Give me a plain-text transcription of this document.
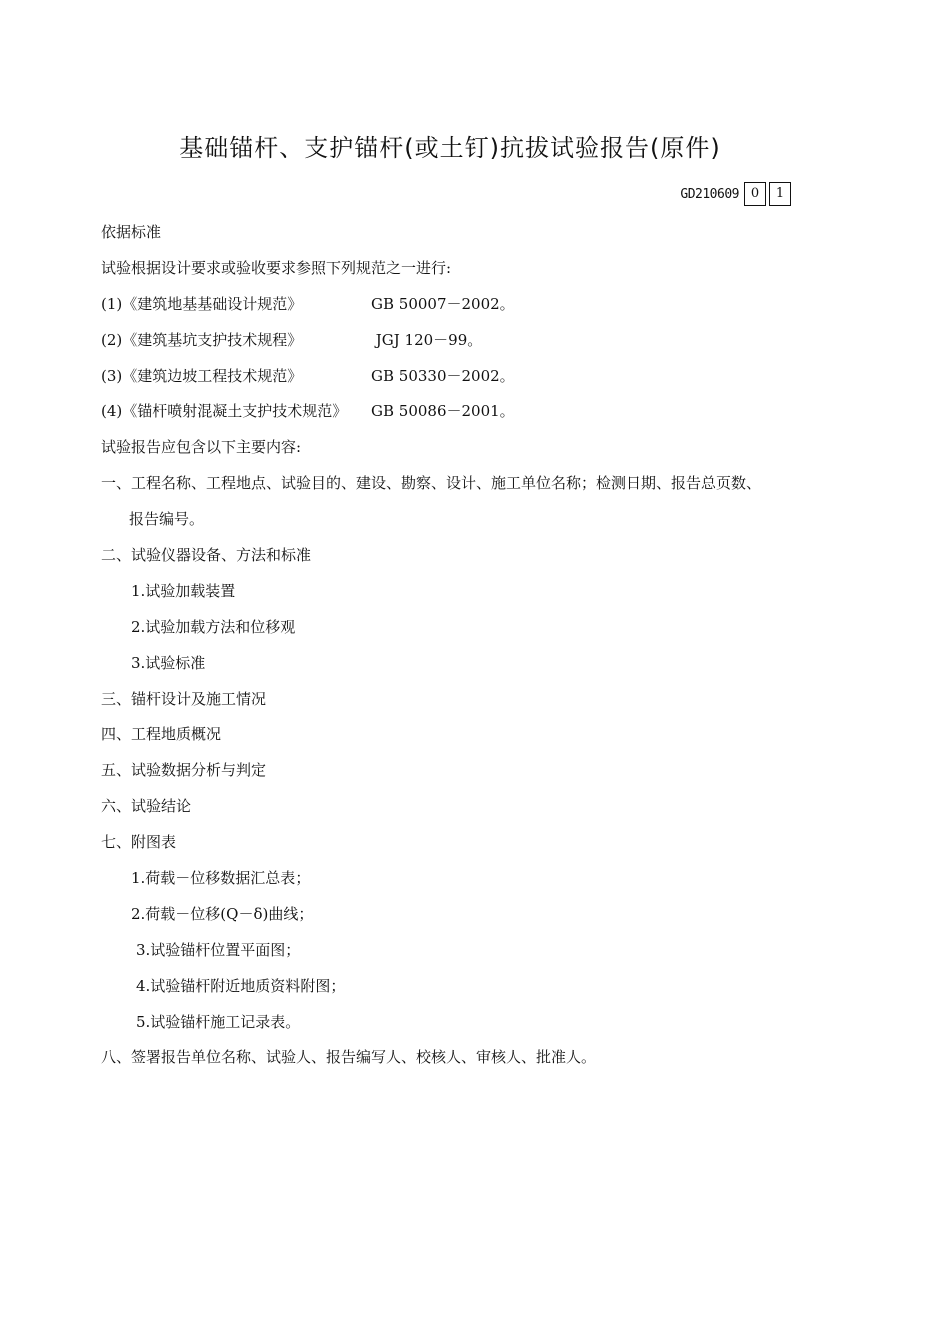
基础锚杆、支护锚杆(或土钉)抗拔试验报告(原件)
GD210609 0	1
依据标准
试验根据设计要求或验收要求参照下列规范之一进行:
(1)《建筑地基基础设计规范》	GB 50007－2002。
(2)《建筑基坑支护技术规程》	JGJ 120－99。
(3)《建筑边坡工程技术规范》	GB 50330－2002。
(4)《锚杆喷射混凝土支护技术规范》 GB 50086－2001。
试验报告应包含以下主要内容:
一、工程名称、工程地点、试验目的、建设、勘察、设计、施工单位名称；检测日期、报告总页数、
报告编号。
二、试验仪器设备、方法和标准
1.试验加载装置
2.试验加载方法和位移观
3.试验标准
三、锚杆设计及施工情况
四、工程地质概况
五、试验数据分析与判定
六、试验结论
七、附图表
1.荷载－位移数据汇总表；
2.荷载－位移(Q－δ)曲线；
3.试验锚杆位置平面图；
4.试验锚杆附近地质资料附图；
5.试验锚杆施工记录表。
八、签署报告单位名称、试验人、报告编写人、校核人、审核人、批准人。
